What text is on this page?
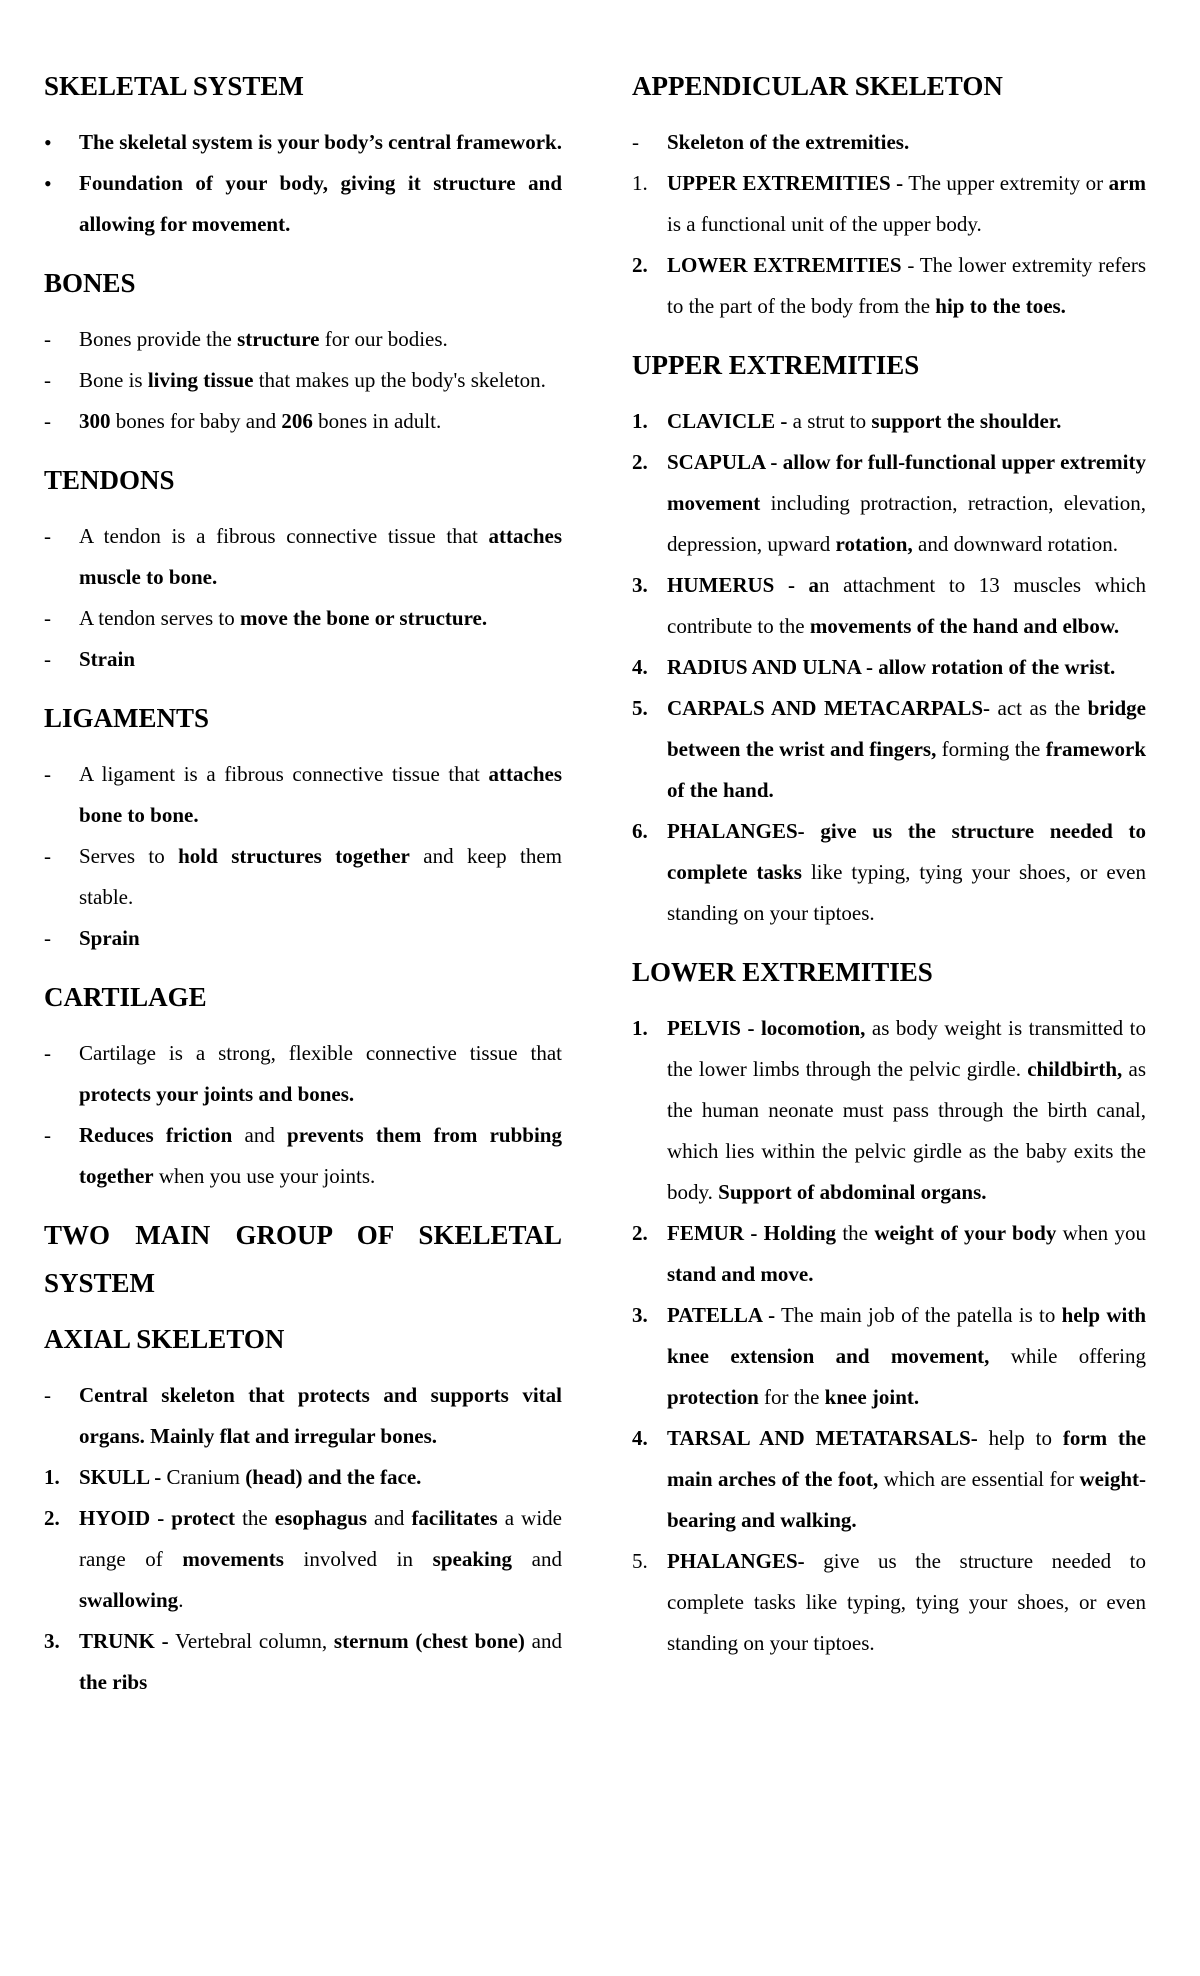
SKELETAL SYSTEM
•	The skeletal system is your body’s central framework.
•	Foundation of your body, giving it structure and allowing for movement.
BONES
-	Bones provide the structure for our bodies.
-	Bone is living tissue that makes up the body's skeleton.
-	300 bones for baby and 206 bones in adult.
TENDONS
-	A tendon is a fibrous connective tissue that attaches muscle to bone.
-	A tendon serves to move the bone or structure.
-	Strain
LIGAMENTS
-	A ligament is a fibrous connective tissue that attaches bone to bone.
-	Serves to hold structures together and keep them stable.
-	Sprain
CARTILAGE
-	Cartilage is a strong, flexible connective tissue that protects your joints and bones.
-	Reduces friction and prevents them from rubbing together when you use your joints.
TWO MAIN GROUP OF SKELETAL SYSTEM
AXIAL SKELETON
-	Central skeleton that protects and supports vital organs. Mainly flat and irregular bones.
1. SKULL - Cranium (head) and the face.
2. HYOID - protect the esophagus and facilitates a wide range of movements involved in speaking and swallowing.
3. TRUNK - Vertebral column, sternum (chest bone) and the ribs
APPENDICULAR SKELETON
-	Skeleton of the extremities.
1. UPPER EXTREMITIES - The upper extremity or arm is a functional unit of the upper body.
2. LOWER EXTREMITIES - The lower extremity refers to the part of the body from the hip to the toes.
UPPER EXTREMITIES
1. CLAVICLE - a strut to support the shoulder.
2. SCAPULA - allow for full-functional upper extremity movement including protraction, retraction, elevation, depression, upward rotation, and downward rotation.
3. HUMERUS - an attachment to 13 muscles which contribute to the movements of the hand and elbow.
4. RADIUS AND ULNA - allow rotation of the wrist.
5. CARPALS AND METACARPALS- act as the bridge between the wrist and fingers, forming the framework of the hand.
6. PHALANGES- give us the structure needed to complete tasks like typing, tying your shoes, or even standing on your tiptoes.
LOWER EXTREMITIES
1. PELVIS - locomotion, as body weight is transmitted to the lower limbs through the pelvic girdle. childbirth, as the human neonate must pass through the birth canal, which lies within the pelvic girdle as the baby exits the body. Support of abdominal organs.
2. FEMUR - Holding the weight of your body when you stand and move.
3. PATELLA - The main job of the patella is to help with knee extension and movement, while offering protection for the knee joint.
4. TARSAL AND METATARSALS- help to form the main arches of the foot, which are essential for weight-bearing and walking.
5. PHALANGES- give us the structure needed to complete tasks like typing, tying your shoes, or even standing on your tiptoes.
